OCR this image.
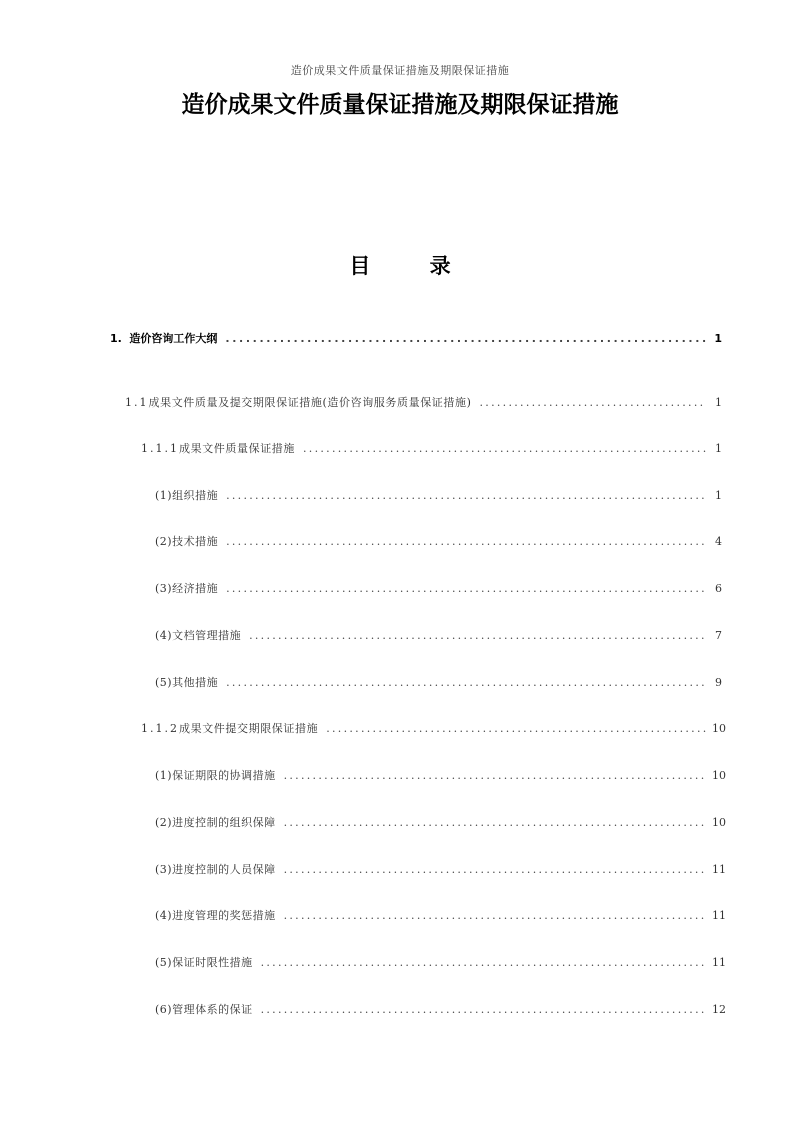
造价成果文件质量保证措施及期限保证措施
造价成果文件质量保证措施及期限保证措施
目 录
1. 造价咨询工作大纲 . . .	1
1.1 成果文件质量及提交期限保证措施(造价咨询服务质量保证措施) . . .	1
1.1.1 成果文件质量保证措施 . . .	1
(1)组织措施 . . .	1
(2)技术措施 . . .	4
(3)经济措施 . . .	6
(4)文档管理措施 . . .	7
(5)其他措施 . . .	9
1.1.2 成果文件提交期限保证措施 . . .	10
(1)保证期限的协调措施 . . .	10
(2)进度控制的组织保障 . . .	10
(3)进度控制的人员保障 . . .	11
(4)进度管理的奖惩措施 . . .	11
(5)保证时限性措施 . . .	11
(6)管理体系的保证 . . .	12
